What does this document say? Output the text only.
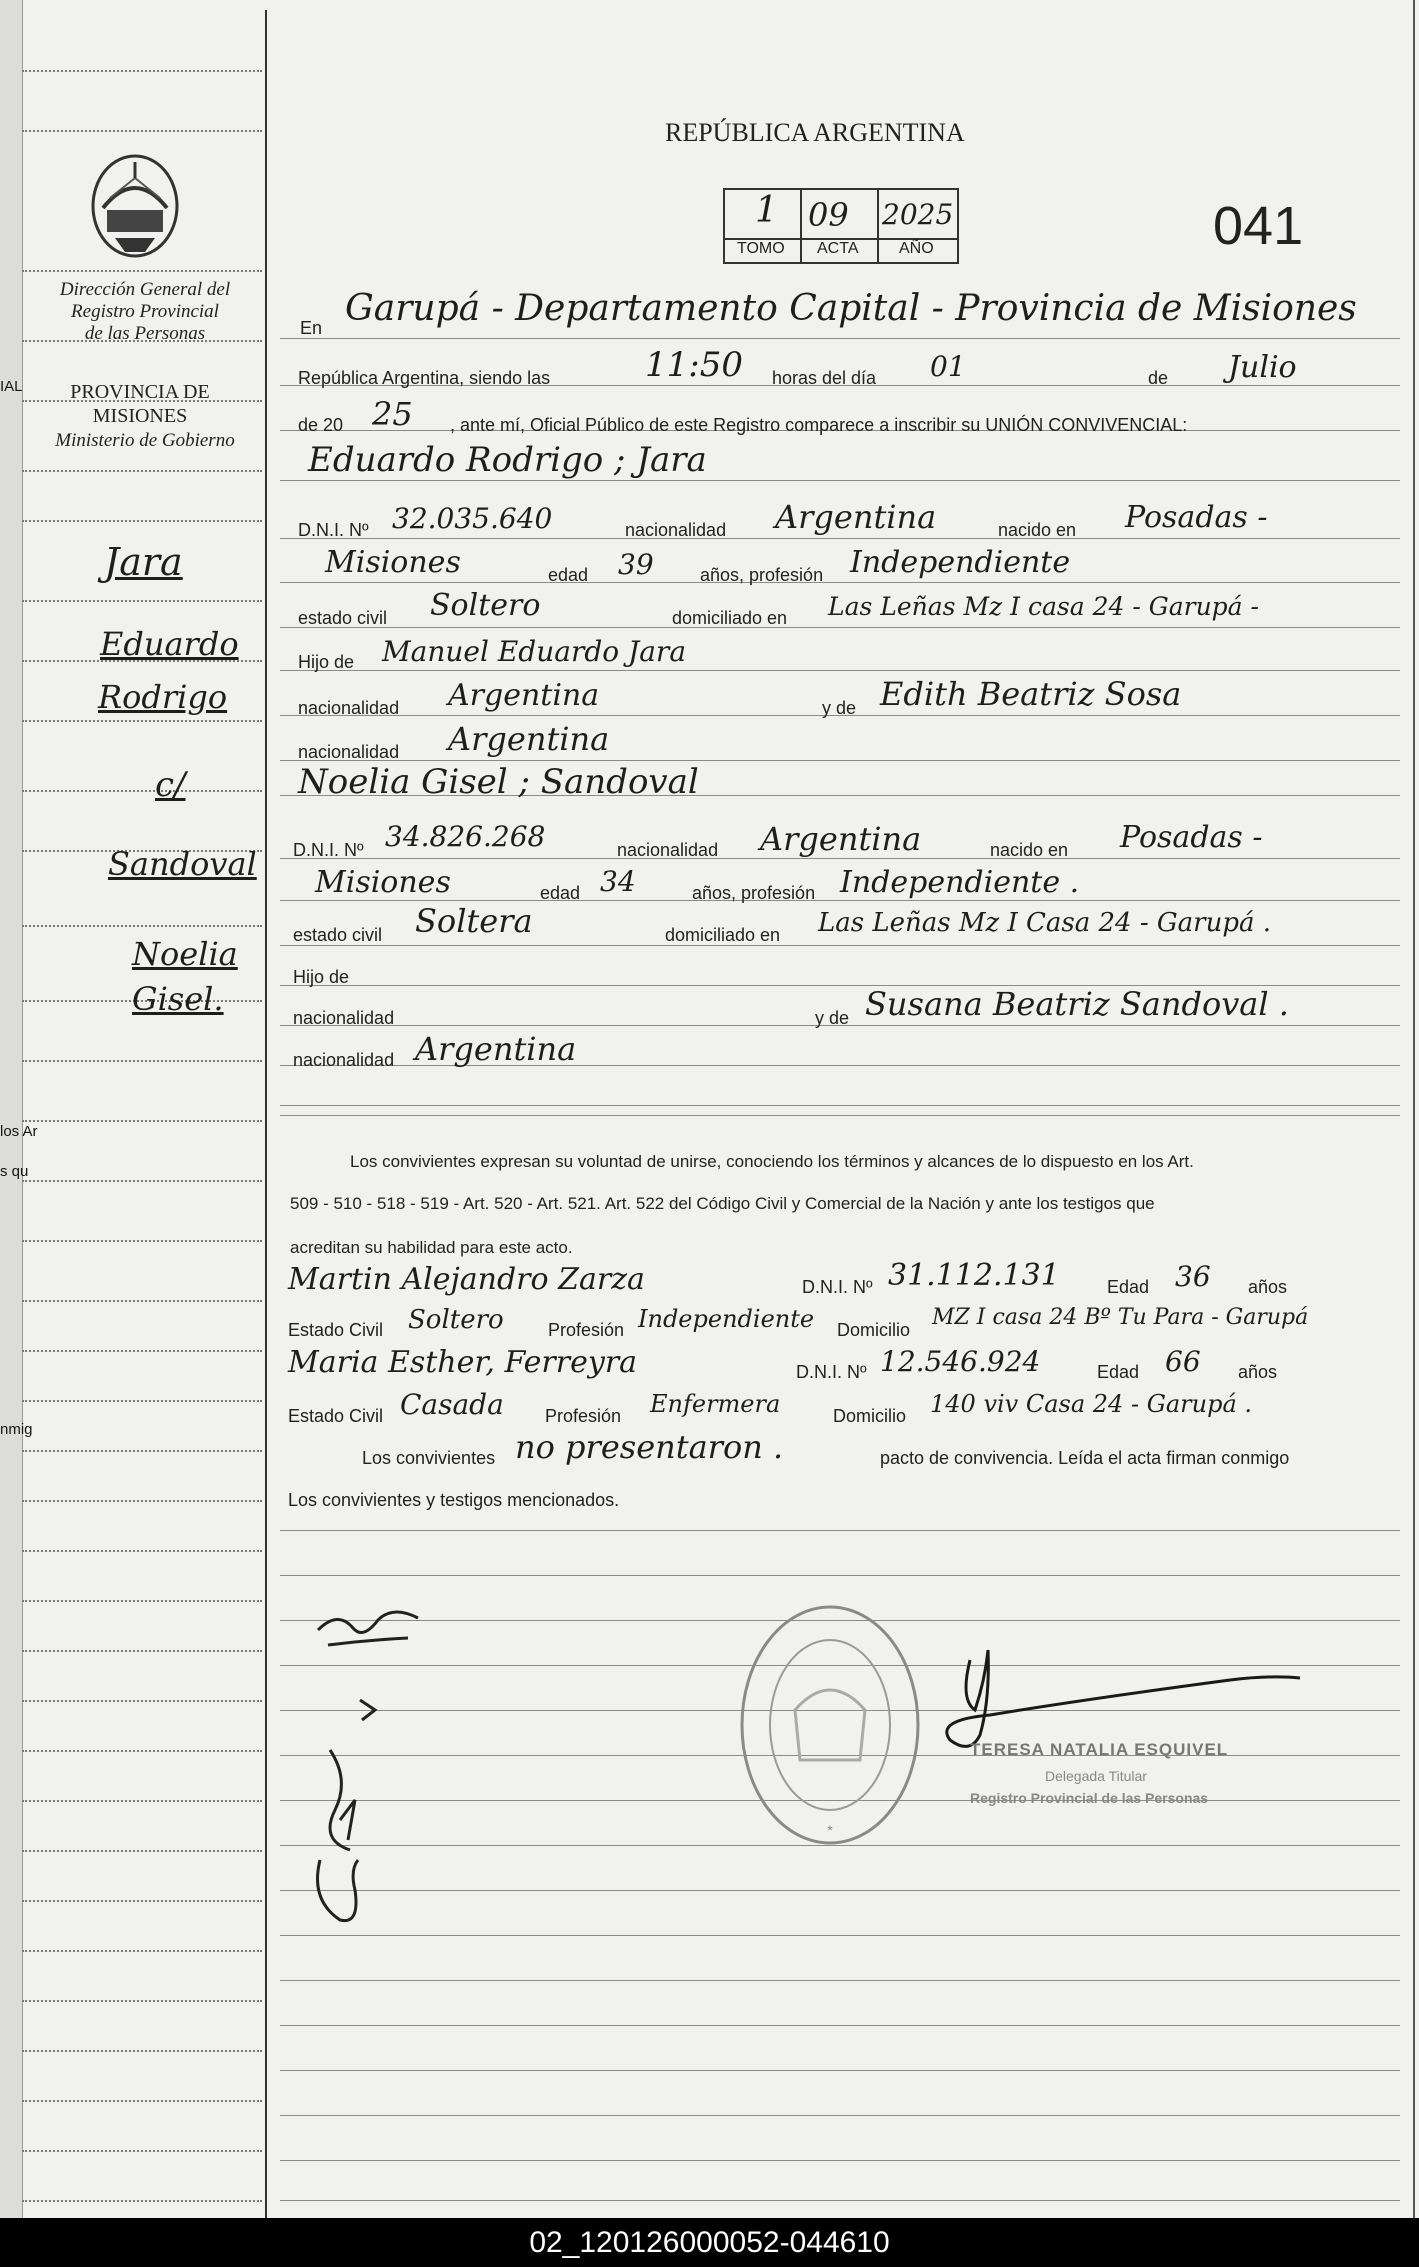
IAL
los Ar
s qu
nmig
Dirección General del
Registro Provincial
de las Personas
PROVINCIA DE
MISIONES
Ministerio de Gobierno
Jara
Eduardo
Rodrigo
c/
Sandoval
Noelia
Gisel.
REPÚBLICA ARGENTINA
1 09 2025
TOMO ACTA	AÑO	041
En Garupá - Departamento Capital - Provincia de Misiones
República Argentina, siendo las	11:50 horas del día 01	de Julio
de 20 25 , ante mí, Oficial Público de este Registro comparece a inscribir su UNIÓN CONVIVENCIAL:
Eduardo Rodrigo ; Jara
D.N.I. Nº 32.035.640	nacionalidad Argentina	nacido en Posadas -
Misiones	edad 39	años, profesión Independiente
estado civil Soltero	domiciliado en Las Leñas Mz I casa 24 - Garupá -
Hijo de Manuel Eduardo Jara
nacionalidad Argentina	y de Edith Beatriz Sosa
nacionalidad Argentina
Noelia Gisel ; Sandoval
D.N.I. Nº 34.826.268	nacionalidad Argentina	nacido en Posadas -
Misiones	edad 34	años, profesión Independiente .
estado civil Soltera	domiciliado en Las Leñas Mz I Casa 24 - Garupá .
Hijo de
nacionalidad	y de Susana Beatriz Sandoval .
nacionalidad Argentina
Los convivientes expresan su voluntad de unirse, conociendo los términos y alcances de lo dispuesto en los Art.
509 - 510 - 518 - 519 - Art. 520 - Art. 521. Art. 522 del Código Civil y Comercial de la Nación y ante los testigos que
acreditan su habilidad para este acto.
Martin Alejandro Zarza	D.N.I. Nº 31.112.131	Edad 36 años
Estado Civil Soltero Profesión Independiente Domicilio MZ I casa 24 Bº Tu Para - Garupá
Maria Esther, Ferreyra	D.N.I. Nº 12.546.924	Edad 66 años
Estado Civil Casada Profesión Enfermera	Domicilio 140 viv Casa 24 - Garupá .
Los convivientes no presentaron .	pacto de convivencia. Leída el acta firman conmigo
Los convivientes y testigos mencionados.
*
TERESA NATALIA ESQUIVEL
Delegada Titular
Registro Provincial de las Personas
02_120126000052-044610
